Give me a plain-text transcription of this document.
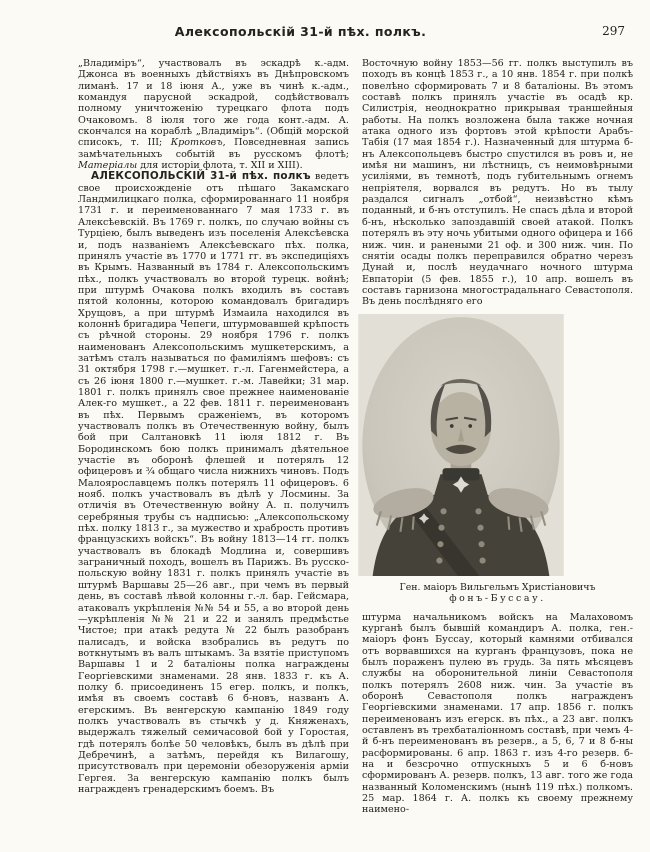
Алексопольскій 31-й пѣх. полкъ.	297

„Владиміръ“, участвовалъ въ эскадрѣ к.-адм. Джонса въ военныхъ дѣйствіяхъ въ Днѣпровскомъ лиманѣ. 17 и 18 іюня А., уже въ чинѣ к.-адм., командуя парусной эскадрой, содѣйствовалъ полному уничтоженію турецкаго флота подъ Очаковомъ. 8 іюля того же года конт.-адм. А. скончался на кораблѣ „Владиміръ“. (Общій морской списокъ, т. III; Кротковъ, Повседневная запись замѣчательныхъ событій въ русскомъ флотѣ; Матеріалы для исторіи флота, т. XII и XIII).

АЛЕКСОПОЛЬСКІЙ 31-й пѣх. полкъ ведетъ свое происхожденіе отъ пѣшаго Закамскаго Ландмилицкаго полка, сформированнаго 11 ноября 1731 г. и переименованнаго 7 мая 1733 г. въ Алексѣевскій. Въ 1769 г. полкъ, по случаю войны съ Турціею, былъ выведенъ изъ поселенія Алексѣевска и, подъ названіемъ Алексѣевскаго пѣх. полка, принялъ участіе въ 1770 и 1771 гг. въ экспедиціяхъ въ Крымъ. Названный въ 1784 г. Алексопольскимъ пѣх., полкъ участвовалъ во второй турецк. войнѣ; при штурмѣ Очакова полкъ входилъ въ составъ пятой колонны, которою командовалъ бригадиръ Хрущовъ, а при штурмѣ Измаила находился въ колоннѣ бригадира Чепеги, штурмовавшей крѣпость съ рѣчной стороны. 29 ноября 1796 г. полкъ наименованъ Алексопольскимъ мушкетерскимъ, а затѣмъ сталъ называться по фамиліямъ шефовъ: съ 31 октября 1798 г.—мушкет. г.-л. Гагенмейстера, а съ 26 іюня 1800 г.—мушкет. г.-м. Лавейки; 31 мар. 1801 г. полкъ принялъ свое прежнее наименованіе Алек-го мушкет., а 22 фев. 1811 г. переименованъ въ пѣх. Первымъ сраженіемъ, въ которомъ участвовалъ полкъ въ Отечественную войну, былъ бой при Салтановкѣ 11 іюля 1812 г. Въ Бородинскомъ бою полкъ принималъ дѣятельное участіе въ оборонѣ флешей и потерялъ 12 офицеровъ и ¾ общаго числа нижнихъ чиновъ. Подъ Малоярославцемъ полкъ потерялъ 11 офицеровъ. 6 нояб. полкъ участвовалъ въ дѣлѣ у Лосмины. За отличія въ Отечественную войну А. п. получилъ серебряныя трубы съ надписью: „Алексопольскому пѣх. полку 1813 г., за мужество и храбрость противъ французскихъ войскъ“. Въ войну 1813—14 гг. полкъ участвовалъ въ блокадѣ Модлина и, совершивъ заграничный походъ, вошелъ въ Парижъ. Въ русско-польскую войну 1831 г. полкъ принялъ участіе въ штурмѣ Варшавы 25—26 авг., при чемъ въ первый день, въ составѣ лѣвой колонны г.-л. бар. Гейсмара, атаковалъ укрѣпленія №№ 54 и 55, а во второй день—укрѣпленія №№ 21 и 22 и занялъ предмѣстье Чистое; при атакѣ редута № 22 былъ разобранъ палисадъ, и войска взобрались въ редутъ по воткнутымъ въ валъ штыкамъ. За взятіе приступомъ Варшавы 1 и 2 баталіоны полка награждены Георгіевскими знаменами. 28 янв. 1833 г. къ А. полку б. присоединенъ 15 егер. полкъ, и полкъ, имѣя въ своемъ составѣ 6 б-новъ, названъ А. егерскимъ. Въ венгерскую кампанію 1849 году полкъ участвовалъ въ стычкѣ у д. Княженахъ, выдержалъ тяжелый семичасовой бой у Горостая, гдѣ потерялъ болѣе 50 человѣкъ, былъ въ дѣлѣ при Дебречинѣ, а затѣмъ, перейдя къ Вилагошу, присутствовалъ при церемоніи обезоруженія арміи Гергея. За венгерскую кампанію полкъ былъ награжденъ гренадерскимъ боемъ. Въ

Восточную войну 1853—56 гг. полкъ выступилъ въ походъ въ концѣ 1853 г., а 10 янв. 1854 г. при полкѣ повелѣно сформировать 7 и 8 баталіоны. Въ этомъ составѣ полкъ принялъ участіе въ осадѣ кр. Силистрія, неоднократно прикрывая траншейныя работы. На полкъ возложена была также ночная атака одного изъ фортовъ этой крѣпости Арабъ-Табія (17 мая 1854 г.). Назначенный для штурма б-нъ Алексопольцевъ быстро спустился въ ровъ и, не имѣя ни машинъ, ни лѣстницъ, съ неимовѣрными усиліями, въ темнотѣ, подъ губительнымъ огнемъ непріятеля, ворвался въ редутъ. Но въ тылу раздался сигналъ „отбой“, неизвѣстно кѣмъ поданный, и б-нъ отступилъ. Не спасъ дѣла и второй б-нъ, нѣсколько запоздавшій своей атакой. Полкъ потерялъ въ эту ночь убитыми одного офицера и 166 ниж. чин. и ранеными 21 оф. и 300 ниж. чин. По снятіи осады полкъ переправился обратно черезъ Дунай и, послѣ неудачнаго ночного штурма Евпаторіи (5 фев. 1855 г.), 10 апр. вошелъ въ составъ гарнизона многострадальнаго Севастополя. Въ день послѣдняго его

Ген. маіоръ Вильгельмъ Христіановичъ
фонъ-Буссау.

штурма начальникомъ войскъ на Малаховомъ курганѣ былъ бывшій командиръ А. полка, ген.-маіоръ фонъ Буссау, который камнями отбивался отъ ворвавшихся на курганъ французовъ, пока не былъ пораженъ пулею въ грудь. За пять мѣсяцевъ службы на оборонительной линіи Севастополя полкъ потерялъ 2608 ниж. чин. За участіе въ оборонѣ Севастополя полкъ награжденъ Георгіевскими знаменами. 17 апр. 1856 г. полкъ переименованъ изъ егерск. въ пѣх., а 23 авг. полкъ оставленъ въ трехбаталіонномъ составѣ, при чемъ 4-й б-нъ переименованъ въ резерв., а 5, 6, 7 и 8 б-ны расформированы. 6 апр. 1863 г. изъ 4-го резерв. б-на и безсрочно отпускныхъ 5 и 6 б-новъ сформированъ А. резерв. полкъ, 13 авг. того же года названный Коломенскимъ (нынѣ 119 пѣх.) полкомъ. 25 мар. 1864 г. А. полкъ къ своему прежнему наимено-
